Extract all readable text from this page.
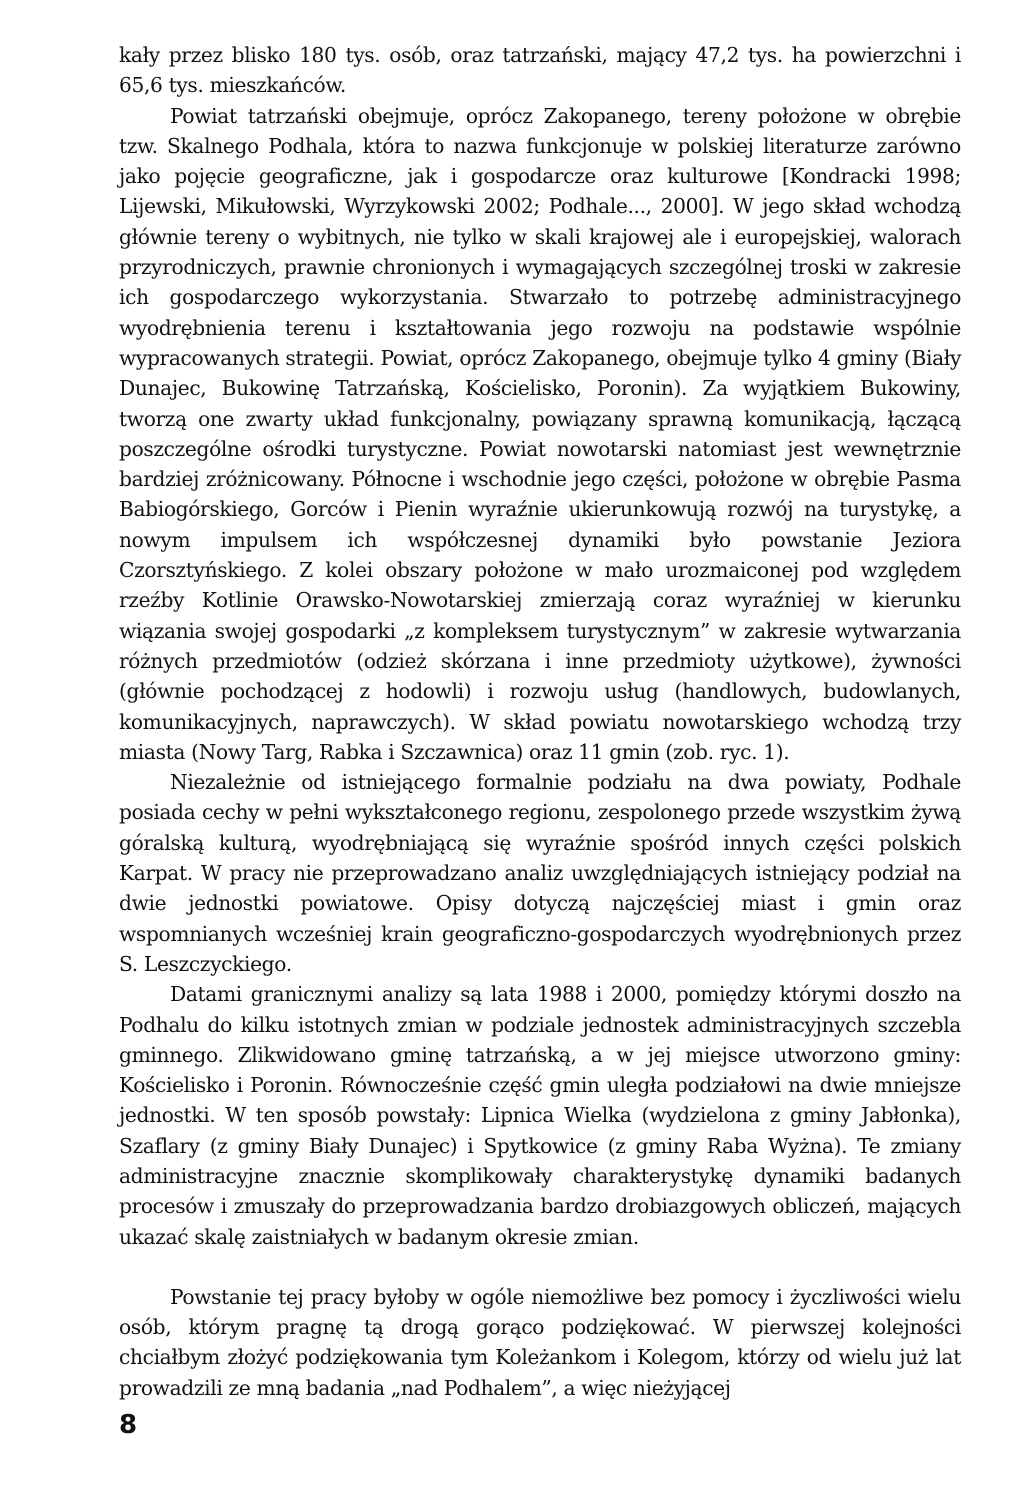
kały przez blisko 180 tys. osób, oraz tatrzański, mający 47,2 tys. ha powierzchni i 65,6 tys. mieszkańców.

Powiat tatrzański obejmuje, oprócz Zakopanego, tereny położone w obrębie tzw. Skalnego Podhala, która to nazwa funkcjonuje w polskiej literaturze zarówno jako pojęcie geograficzne, jak i gospodarcze oraz kulturowe [Kondracki 1998; Lijewski, Mikułowski, Wyrzykowski 2002; Podhale..., 2000]. W jego skład wchodzą głównie tereny o wybitnych, nie tylko w skali krajowej ale i europejskiej, walorach przyrodniczych, prawnie chronionych i wymagających szczególnej troski w zakresie ich gospodarczego wykorzystania. Stwarzało to potrzebę administracyjnego wyodrębnienia terenu i kształtowania jego rozwoju na podstawie wspólnie wypracowanych strategii. Powiat, oprócz Zakopanego, obejmuje tylko 4 gminy (Biały Dunajec, Bukowinę Tatrzańską, Kościelisko, Poronin). Za wyjątkiem Bukowiny, tworzą one zwarty układ funkcjonalny, powiązany sprawną komunikacją, łączącą poszczególne ośrodki turystyczne. Powiat nowotarski natomiast jest wewnętrznie bardziej zróżnicowany. Północne i wschodnie jego części, położone w obrębie Pasma Babiogórskiego, Gorców i Pienin wyraźnie ukierunkowują rozwój na turystykę, a nowym impulsem ich współczesnej dynamiki było powstanie Jeziora Czorsztyńskiego. Z kolei obszary położone w mało urozmaiconej pod względem rzeźby Kotlinie Orawsko-Nowotarskiej zmierzają coraz wyraźniej w kierunku wiązania swojej gospodarki „z kompleksem turystycznym” w zakresie wytwarzania różnych przedmiotów (odzież skórzana i inne przedmioty użytkowe), żywności (głównie pochodzącej z hodowli) i rozwoju usług (handlowych, budowlanych, komunikacyjnych, naprawczych). W skład powiatu nowotarskiego wchodzą trzy miasta (Nowy Targ, Rabka i Szczawnica) oraz 11 gmin (zob. ryc. 1).

Niezależnie od istniejącego formalnie podziału na dwa powiaty, Podhale posiada cechy w pełni wykształconego regionu, zespolonego przede wszystkim żywą góralską kulturą, wyodrębniającą się wyraźnie spośród innych części polskich Karpat. W pracy nie przeprowadzano analiz uwzględniających istniejący podział na dwie jednostki powiatowe. Opisy dotyczą najczęściej miast i gmin oraz wspomnianych wcześniej krain geograficzno-gospodarczych wyodrębnionych przez S. Leszczyckiego.

Datami granicznymi analizy są lata 1988 i 2000, pomiędzy którymi doszło na Podhalu do kilku istotnych zmian w podziale jednostek administracyjnych szczebla gminnego. Zlikwidowano gminę tatrzańską, a w jej miejsce utworzono gminy: Kościelisko i Poronin. Równocześnie część gmin uległa podziałowi na dwie mniejsze jednostki. W ten sposób powstały: Lipnica Wielka (wydzielona z gminy Jabłonka), Szaflary (z gminy Biały Dunajec) i Spytkowice (z gminy Raba Wyżna). Te zmiany administracyjne znacznie skomplikowały charakterystykę dynamiki badanych procesów i zmuszały do przeprowadzania bardzo drobiazgowych obliczeń, mających ukazać skalę zaistniałych w badanym okresie zmian.

Powstanie tej pracy byłoby w ogóle niemożliwe bez pomocy i życzliwości wielu osób, którym pragnę tą drogą gorąco podziękować. W pierwszej kolejności chciałbym złożyć podziękowania tym Koleżankom i Kolegom, którzy od wielu już lat prowadzili ze mną badania „nad Podhalem”, a więc nieżyjącej

8
